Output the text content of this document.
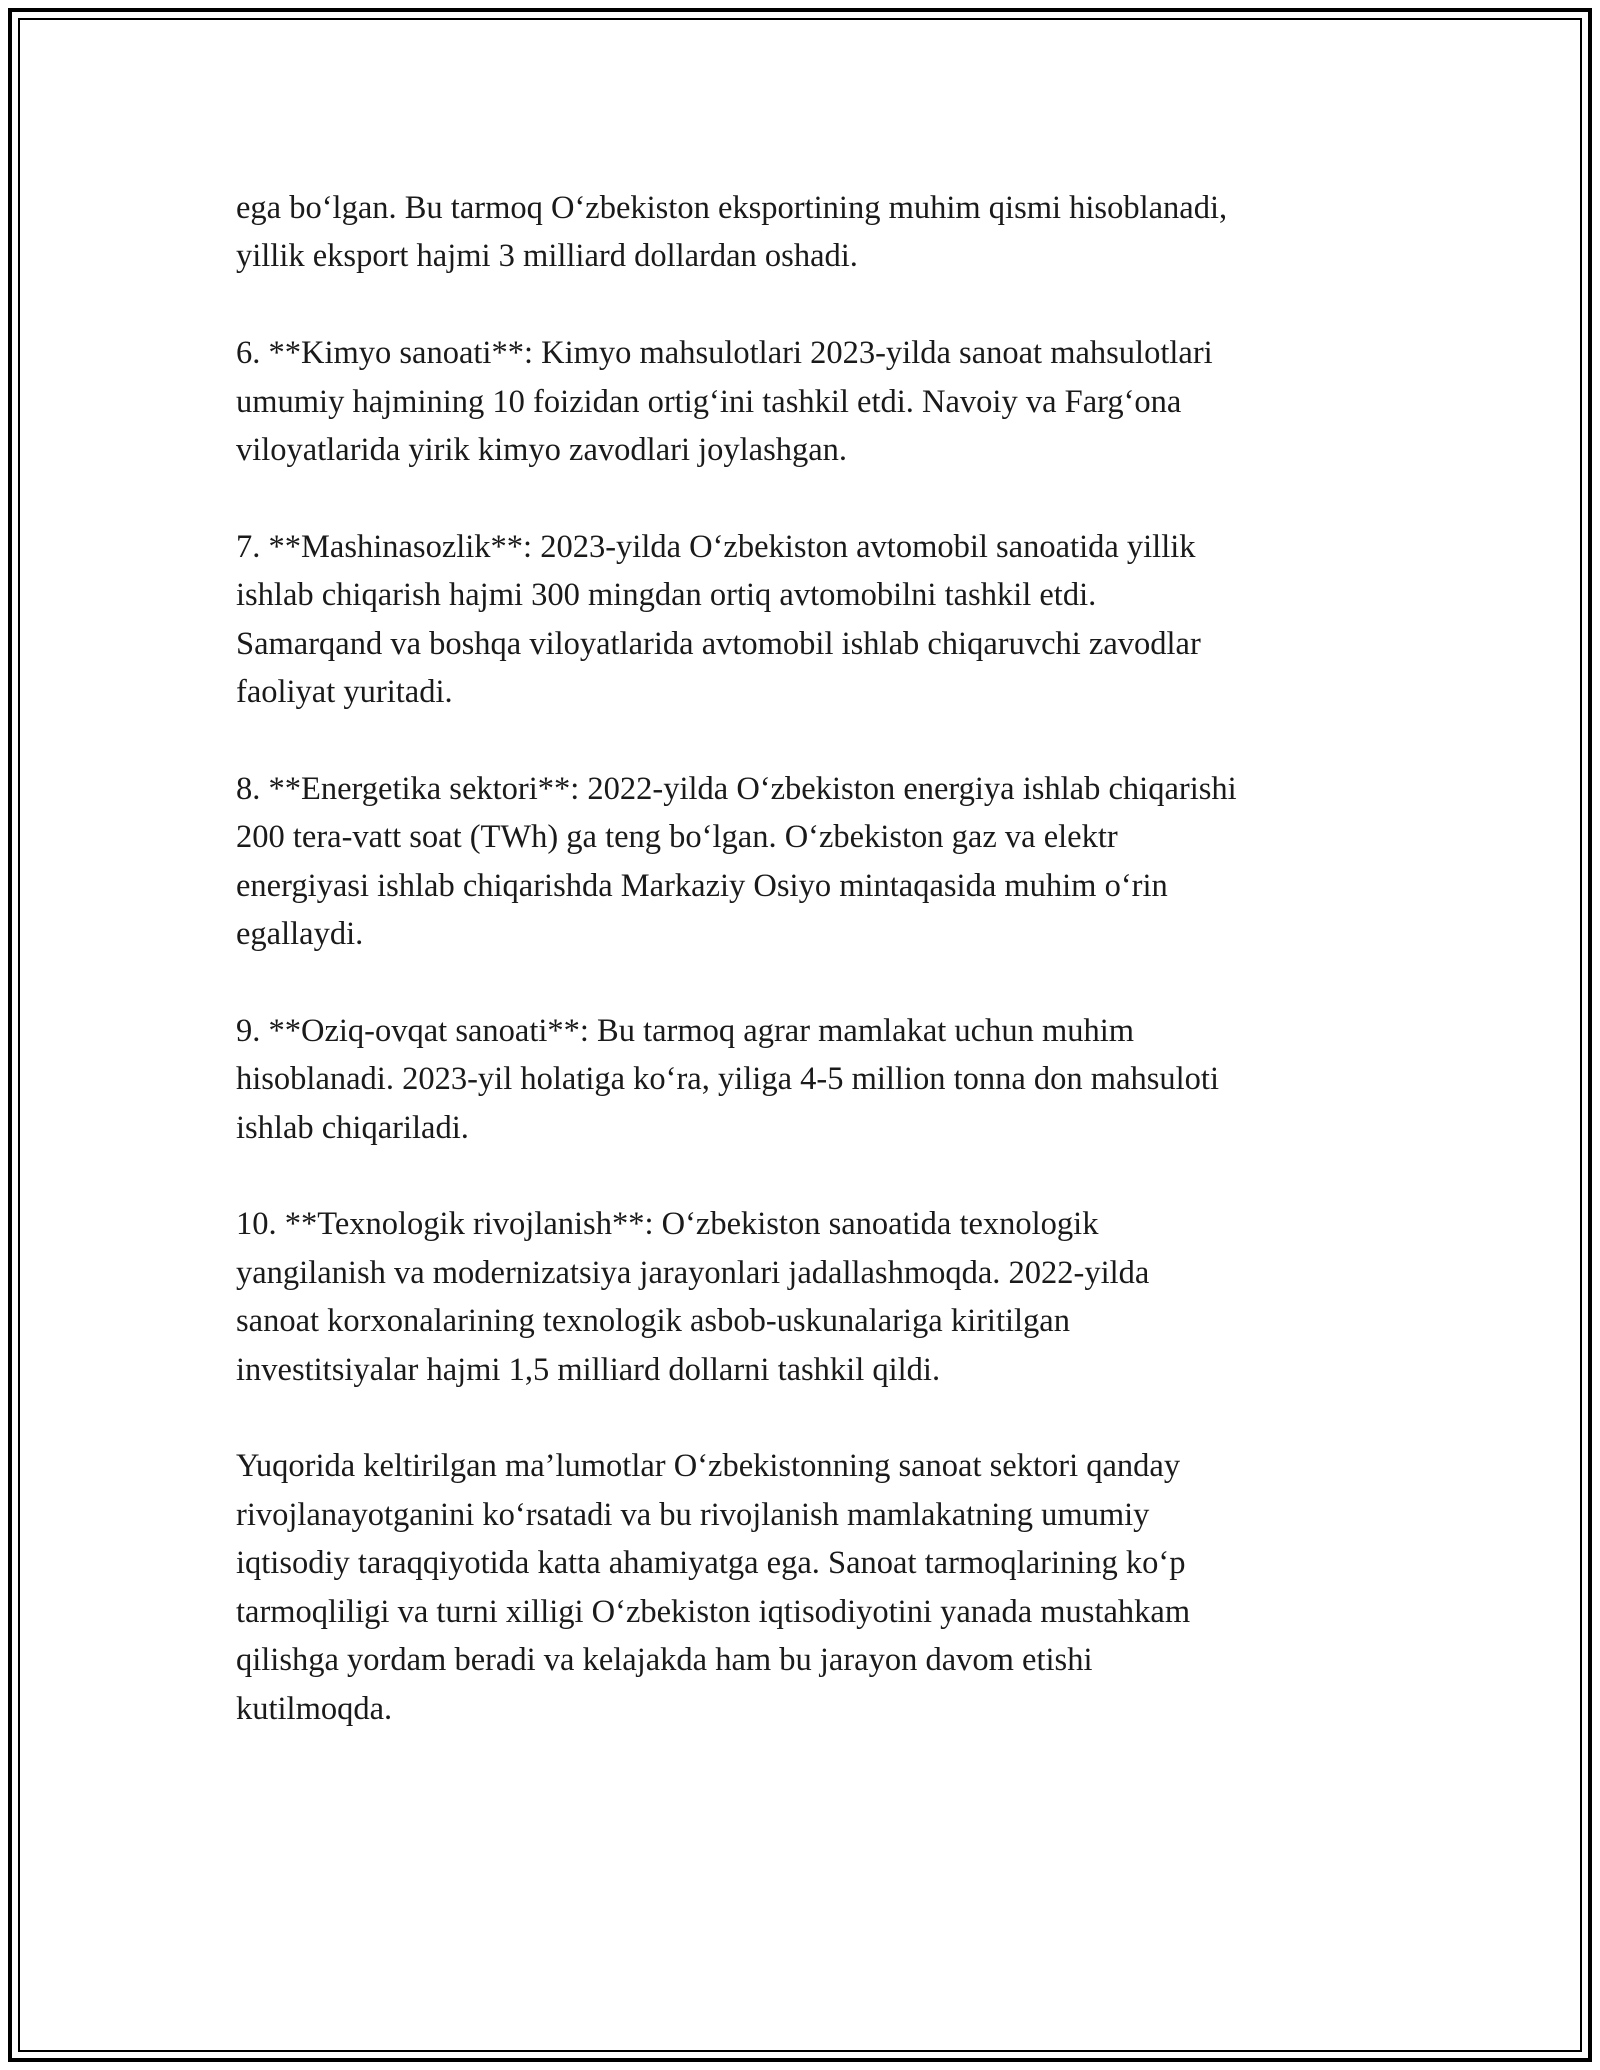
ega bo‘lgan. Bu tarmoq O‘zbekiston eksportining muhim qismi hisoblanadi,
yillik eksport hajmi 3 milliard dollardan oshadi.

6. **Kimyo sanoati**: Kimyo mahsulotlari 2023-yilda sanoat mahsulotlari
umumiy hajmining 10 foizidan ortig‘ini tashkil etdi. Navoiy va Farg‘ona
viloyatlarida yirik kimyo zavodlari joylashgan.

7. **Mashinasozlik**: 2023-yilda O‘zbekiston avtomobil sanoatida yillik
ishlab chiqarish hajmi 300 mingdan ortiq avtomobilni tashkil etdi.
Samarqand va boshqa viloyatlarida avtomobil ishlab chiqaruvchi zavodlar
faoliyat yuritadi.

8. **Energetika sektori**: 2022-yilda O‘zbekiston energiya ishlab chiqarishi
200 tera-vatt soat (TWh) ga teng bo‘lgan. O‘zbekiston gaz va elektr
energiyasi ishlab chiqarishda Markaziy Osiyo mintaqasida muhim o‘rin
egallaydi.

9. **Oziq-ovqat sanoati**: Bu tarmoq agrar mamlakat uchun muhim
hisoblanadi. 2023-yil holatiga ko‘ra, yiliga 4-5 million tonna don mahsuloti
ishlab chiqariladi.

10. **Texnologik rivojlanish**: O‘zbekiston sanoatida texnologik
yangilanish va modernizatsiya jarayonlari jadallashmoqda. 2022-yilda
sanoat korxonalarining texnologik asbob-uskunalariga kiritilgan
investitsiyalar hajmi 1,5 milliard dollarni tashkil qildi.

Yuqorida keltirilgan ma’lumotlar O‘zbekistonning sanoat sektori qanday
rivojlanayotganini ko‘rsatadi va bu rivojlanish mamlakatning umumiy
iqtisodiy taraqqiyotida katta ahamiyatga ega. Sanoat tarmoqlarining ko‘p
tarmoqliligi va turni xilligi O‘zbekiston iqtisodiyotini yanada mustahkam
qilishga yordam beradi va kelajakda ham bu jarayon davom etishi
kutilmoqda.
